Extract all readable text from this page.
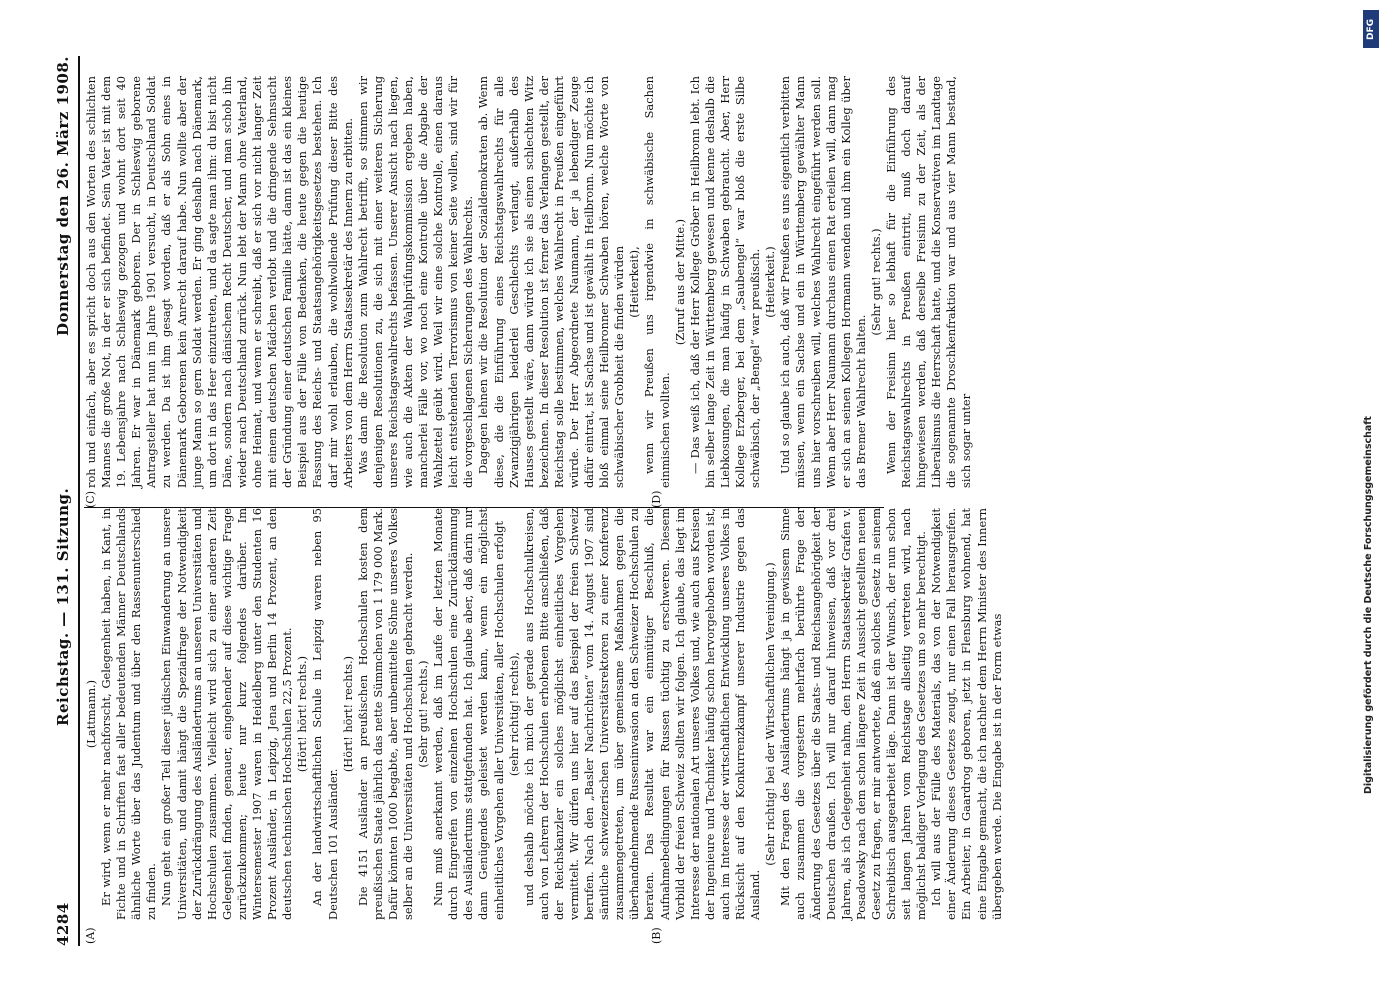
4284
Reichstag. — 131. Sitzung.
Donnerstag den 26. März 1908.
(A)	(B)
(C)	(D)

(Lattmann.) Er wird, wenn er mehr nachforscht, Gelegenheit haben, in Kant, in Fichte und in Schriften fast aller bedeutenden Männer Deutschlands ähnliche Worte über das Judentum und über den Rassenunterschied zu finden. Nun geht ein großer Teil dieser jüdischen Einwanderung an unsere Universitäten, und damit hängt die Spezialfrage der Notwendigkeit der Zurückdrängung des Ausländertums an unseren Universitäten und Hochschulen zusammen. Vielleicht wird sich zu einer anderen Zeit Gelegenheit finden, genauer, eingehender auf diese wichtige Frage zurückzukommen; heute nur kurz folgendes darüber. Im Wintersemester 1907 waren in Heidelberg unter den Studenten 16 Prozent Ausländer, in Leipzig, Jena und Berlin 14 Prozent, an den deutschen technischen Hochschulen 22,5 Prozent. (Hört! hört! rechts.) An der landwirtschaftlichen Schule in Leipzig waren neben 95 Deutschen 101 Ausländer.

(Hört! hört! rechts.) Die 4151 Ausländer an preußischen Hochschulen kosten dem preußischen Staate jährlich das nette Sümmchen von 1 179 000 Mark. Dafür könnten 1000 begabte, aber unbemittelte Söhne unseres Volkes selber an die Universitäten und Hochschulen gebracht werden. (Sehr gut! rechts.) Nun muß anerkannt werden, daß im Laufe der letzten Monate durch Eingreifen von einzelnen Hochschulen eine Zurückdämmung des Ausländertums stattgefunden hat. Ich glaube aber, daß darin nur dann Genügendes geleistet werden kann, wenn ein möglichst einheitliches Vorgehen aller Universitäten, aller Hochschulen erfolgt (sehr richtig! rechts), und deshalb möchte ich mich der gerade aus Hochschulkreisen, auch von Lehrern der Hochschulen erhobenen Bitte anschließen, daß der Reichskanzler ein solches möglichst einheitliches Vorgehen vermittelt. Wir dürfen uns hier auf das Beispiel der freien Schweiz berufen. Nach den „Basler Nachrichten“ vom 14. August 1907 sind sämtliche schweizerischen Universitätsrektoren zu einer Konferenz zusammengetreten, um über gemeinsame Maßnahmen gegen die überhandnehmende Russeninvasion an den Schweizer Hochschulen zu beraten. Das Resultat war ein einmütiger Beschluß, die Aufnahmebedingungen für Russen tüchtig zu erschweren. Diesem Vorbild der freien Schweiz sollten wir folgen. Ich glaube, das liegt im Interesse der nationalen Art unseres Volkes und, wie auch aus Kreisen der Ingenieure und Techniker häufig schon hervorgehoben worden ist, auch im Interesse der wirtschaftlichen Entwicklung unseres Volkes in Rücksicht auf den Konkurrenzkampf unserer Industrie gegen das Ausland.

(Sehr richtig! bei der Wirtschaftlichen Vereinigung.) Mit den Fragen des Ausländertums hängt ja in gewissem Sinne auch zusammen die vorgestern mehrfach berührte Frage der Änderung des Gesetzes über die Staats- und Reichsangehörigkeit der Deutschen draußen. Ich will nur darauf hinweisen, daß vor drei Jahren, als ich Gelegenheit nahm, den Herrn Staatssekretär Grafen v. Posadowsky nach dem schon längere Zeit in Aussicht gestellten neuen Gesetz zu fragen, er mir antwortete, daß ein solches Gesetz in seinem Schreibtisch ausgearbeitet läge. Dann ist der Wunsch, der nun schon seit langen Jahren vom Reichstage allseitig vertreten wird, nach möglichst baldiger Vorlegung des Gesetzes um so mehr berechtigt. Ich will aus der Fülle des Materials, das von der Notwendigkeit einer Änderung dieses Gesetzes zeugt, nur einen Fall herausgreifen. Ein Arbeiter, in Gaardrog geboren, jetzt in Flensburg wohnend, hat eine Eingabe gemacht, die ich nachher dem Herrn Minister des Innern übergeben werde. Die Eingabe ist in der Form etwas

roh und einfach, aber es spricht doch aus den Worten des schlichten Mannes die große Not, in der er sich befindet. Sein Vater ist mit dem 19. Lebensjahre nach Schleswig gezogen und wohnt dort seit 40 Jahren. Er war in Dänemark geboren. Der in Schleswig geborene Antragsteller hat nun im Jahre 1901 versucht, in Deutschland Soldat zu werden. Da ist ihm gesagt worden, daß er als Sohn eines in Dänemark Geborenen kein Anrecht darauf habe. Nun wollte aber der junge Mann so gern Soldat werden. Er ging deshalb nach Dänemark, um dort in das Heer einzutreten, und da sagte man ihm: du bist nicht Däne, sondern nach dänischem Recht Deutscher, und man schob ihn wieder nach Deutschland zurück. Nun lebt der Mann ohne Vaterland, ohne Heimat, und wenn er schreibt, daß er sich vor nicht langer Zeit mit einem deutschen Mädchen verlobt und die dringende Sehnsucht der Gründung einer deutschen Familie hätte, dann ist das ein kleines Beispiel aus der Fülle von Bedenken, die heute gegen die heutige Fassung des Reichs- und Staatsangehörigkeitsgesetzes bestehen. Ich darf mir wohl erlauben, die wohlwollende Prüfung dieser Bitte des Arbeiters von dem Herrn Staatssekretär des Innern zu erbitten. Was dann die Resolution zum Wahlrecht betrifft, so stimmen wir denjenigen Resolutionen zu, die sich mit einer weiteren Sicherung unseres Reichstagswahlrechts befassen. Unserer Ansicht nach liegen, wie auch die Akten der Wahlprüfungskommission ergeben haben, mancherlei Fälle vor, wo noch eine Kontrolle über die Abgabe der Wahlzettel geübt wird. Weil wir eine solche Kontrolle, einen daraus leicht entstehenden Terrorismus von keiner Seite wollen, sind wir für die vorgeschlagenen Sicherungen des Wahlrechts. Dagegen lehnen wir die Resolution der Sozialdemokraten ab. Wenn diese, die die Einführung eines Reichstagswahlrechts für alle Zwanzigjährigen beiderlei Geschlechts verlangt, außerhalb des Hauses gestellt wäre, dann würde ich sie als einen schlechten Witz bezeichnen. In dieser Resolution ist ferner das Verlangen gestellt, der Reichstag solle bestimmen, welches Wahlrecht in Preußen eingeführt würde. Der Herr Abgeordnete Naumann, der ja lebendiger Zeuge dafür eintrat, ist Sachse und ist gewählt in Heilbronn. Nun möchte ich bloß einmal seine Heilbronner Schwaben hören, welche Worte von schwäbischer Grobheit die finden würden (Heiterkeit), wenn wir Preußen uns irgendwie in schwäbische Sachen einmischen wollten.

(Zuruf aus der Mitte.) — Das weiß ich, daß der Herr Kollege Gröber in Heilbronn lebt. Ich bin selber lange Zeit in Württemberg gewesen und kenne deshalb die Liebkosungen, die man häufig in Schwaben gebraucht. Aber, Herr Kollege Erzberger, bei dem „Saubengel“ war bloß die erste Silbe schwäbisch, der „Bengel“ war preußisch. (Heiterkeit.) Und so glaube ich auch, daß wir Preußen es uns eigentlich verbitten müssen, wenn ein Sachse und ein in Württemberg gewählter Mann uns hier vorschreiben will, welches Wahlrecht eingeführt werden soll. Wenn aber Herr Naumann durchaus einen Rat erteilen will, dann mag er sich an seinen Kollegen Hormann wenden und ihm ein Kolleg über das Bremer Wahlrecht halten.

(Sehr gut! rechts.) Wenn der Freisinn hier so lebhaft für die Einführung des Reichstagswahlrechts in Preußen eintritt, muß doch darauf hingewiesen werden, daß derselbe Freisinn zu der Zeit, als der Liberalismus die Herrschaft hatte, und die Konservativen im Landtage die sogenannte Droschkenfraktion war und aus vier Mann bestand, sich sogar unter

DFG
Digitalisierung gefördert durch die Deutsche Forschungsgemeinschaft
